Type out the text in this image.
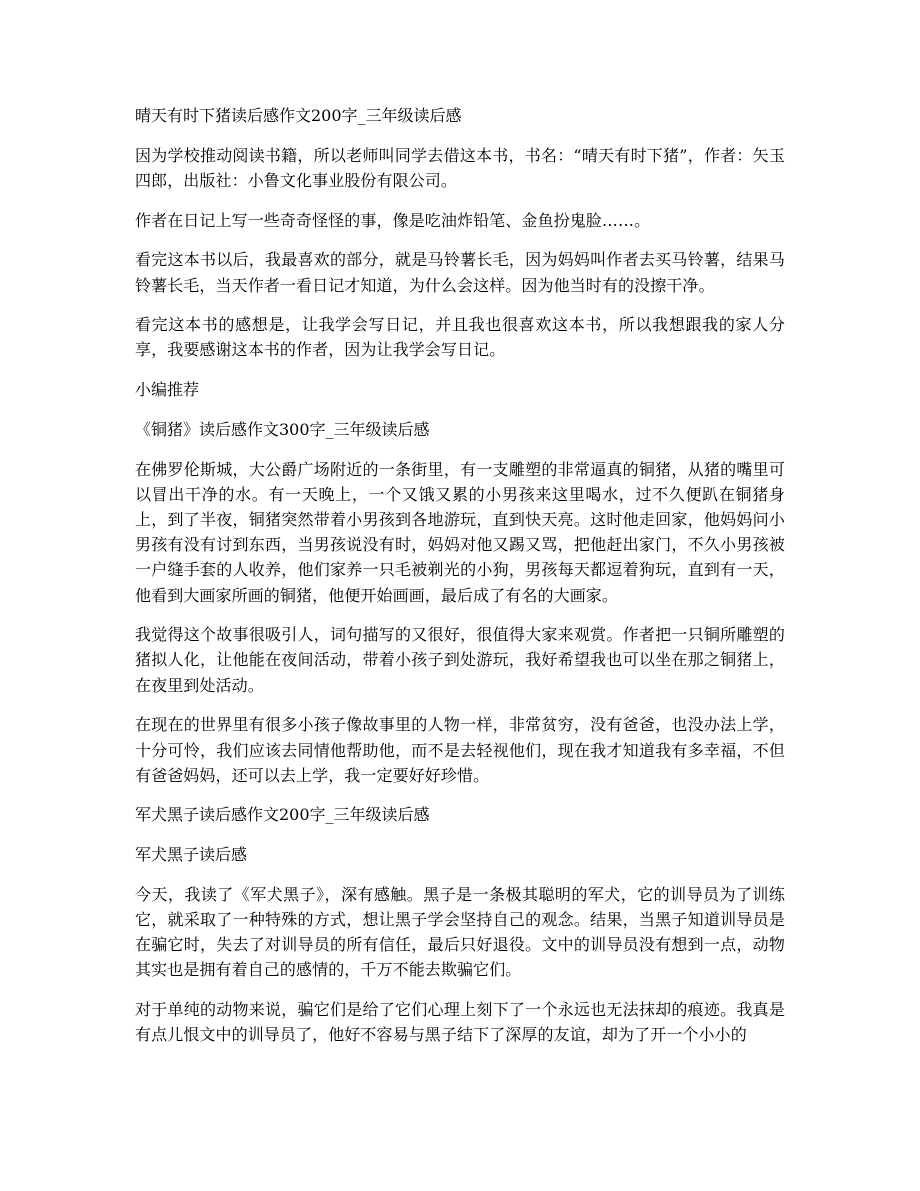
晴天有时下猪读后感作文200字_三年级读后感

因为学校推动阅读书籍，所以老师叫同学去借这本书，书名：“晴天有时下猪”，作者：矢玉四郎，出版社：小鲁文化事业股份有限公司。

作者在日记上写一些奇奇怪怪的事，像是吃油炸铅笔、金鱼扮鬼脸……。

看完这本书以后，我最喜欢的部分，就是马铃薯长毛，因为妈妈叫作者去买马铃薯，结果马铃薯长毛，当天作者一看日记才知道，为什么会这样。因为他当时有的没擦干净。

看完这本书的感想是，让我学会写日记，并且我也很喜欢这本书，所以我想跟我的家人分享，我要感谢这本书的作者，因为让我学会写日记。

小编推荐
《铜猪》读后感作文300字_三年级读后感

在佛罗伦斯城，大公爵广场附近的一条街里，有一支雕塑的非常逼真的铜猪，从猪的嘴里可以冒出干净的水。有一天晚上，一个又饿又累的小男孩来这里喝水，过不久便趴在铜猪身上，到了半夜，铜猪突然带着小男孩到各地游玩，直到快天亮。这时他走回家，他妈妈问小男孩有没有讨到东西，当男孩说没有时，妈妈对他又踢又骂，把他赶出家门，不久小男孩被一户缝手套的人收养，他们家养一只毛被剃光的小狗，男孩每天都逗着狗玩，直到有一天，他看到大画家所画的铜猪，他便开始画画，最后成了有名的大画家。

我觉得这个故事很吸引人，词句描写的又很好，很值得大家来观赏。作者把一只铜所雕塑的猪拟人化，让他能在夜间活动，带着小孩子到处游玩，我好希望我也可以坐在那之铜猪上，在夜里到处活动。

在现在的世界里有很多小孩子像故事里的人物一样，非常贫穷，没有爸爸，也没办法上学，十分可怜，我们应该去同情他帮助他，而不是去轻视他们，现在我才知道我有多幸福，不但有爸爸妈妈，还可以去上学，我一定要好好珍惜。

军犬黑子读后感作文200字_三年级读后感
军犬黑子读后感

今天，我读了《军犬黑子》，深有感触。黑子是一条极其聪明的军犬，它的训导员为了训练它，就采取了一种特殊的方式，想让黑子学会坚持自己的观念。结果，当黑子知道训导员是在骗它时，失去了对训导员的所有信任，最后只好退役。文中的训导员没有想到一点，动物其实也是拥有着自己的感情的，千万不能去欺骗它们。

对于单纯的动物来说，骗它们是给了它们心理上刻下了一个永远也无法抹却的痕迹。我真是有点儿恨文中的训导员了，他好不容易与黑子结下了深厚的友谊，却为了开一个小小的
